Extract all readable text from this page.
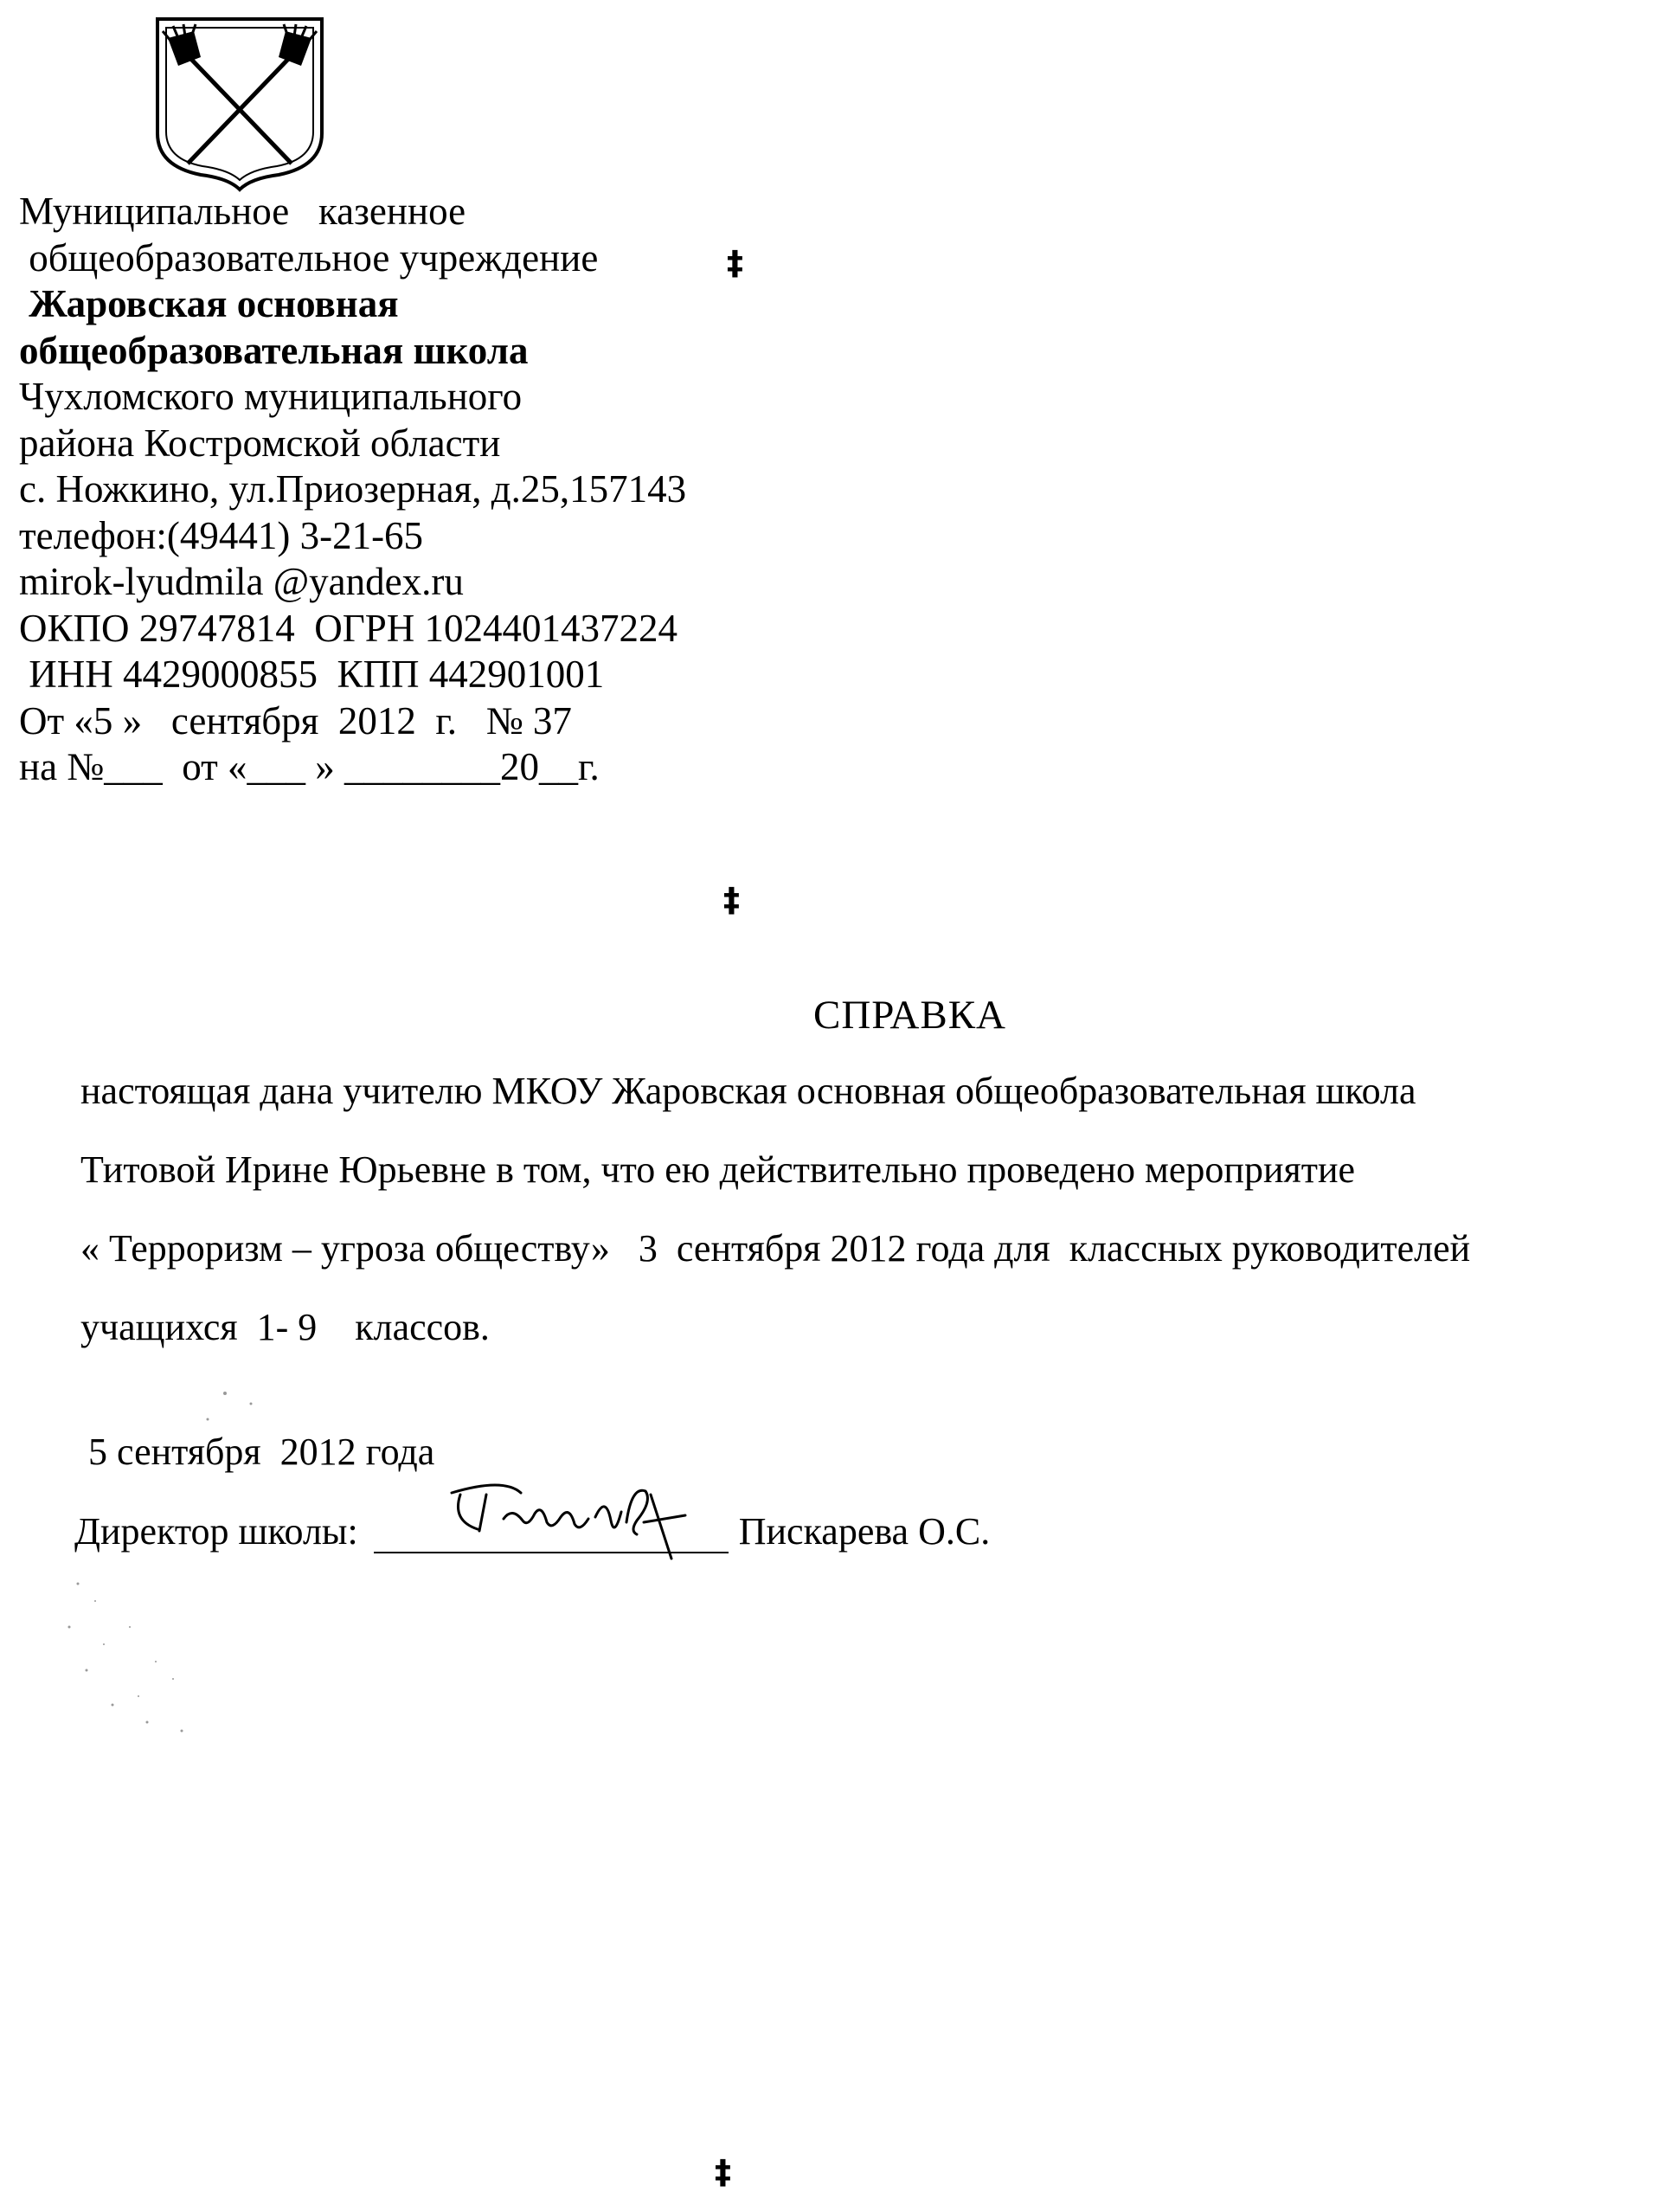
Муниципальное   казенное
общеобразовательное учреждение
Жаровская основная
общеобразовательная школа
Чухломского муниципального
района Костромской области
с. Ножкино, ул.Приозерная, д.25,157143
телефон:(49441) 3-21-65
mirok-lyudmila @yandex.ru
ОКПО 29747814  ОГРН 1024401437224
ИНН 4429000855  КПП 442901001
От «5 »   сентября  2012  г.   № 37
на №___  от «___ » ________20__г.
‡
‡
‡
СПРАВКА
настоящая дана учителю МКОУ Жаровская основная общеобразовательная школа
Титовой Ирине Юрьевне в том, что ею действительно проведено мероприятие
« Терроризм – угроза обществу»   3  сентября 2012 года для  классных руководителей
учащихся  1- 9    классов.
5 сентября  2012 года
Директор школы:	Пискарева О.С.
